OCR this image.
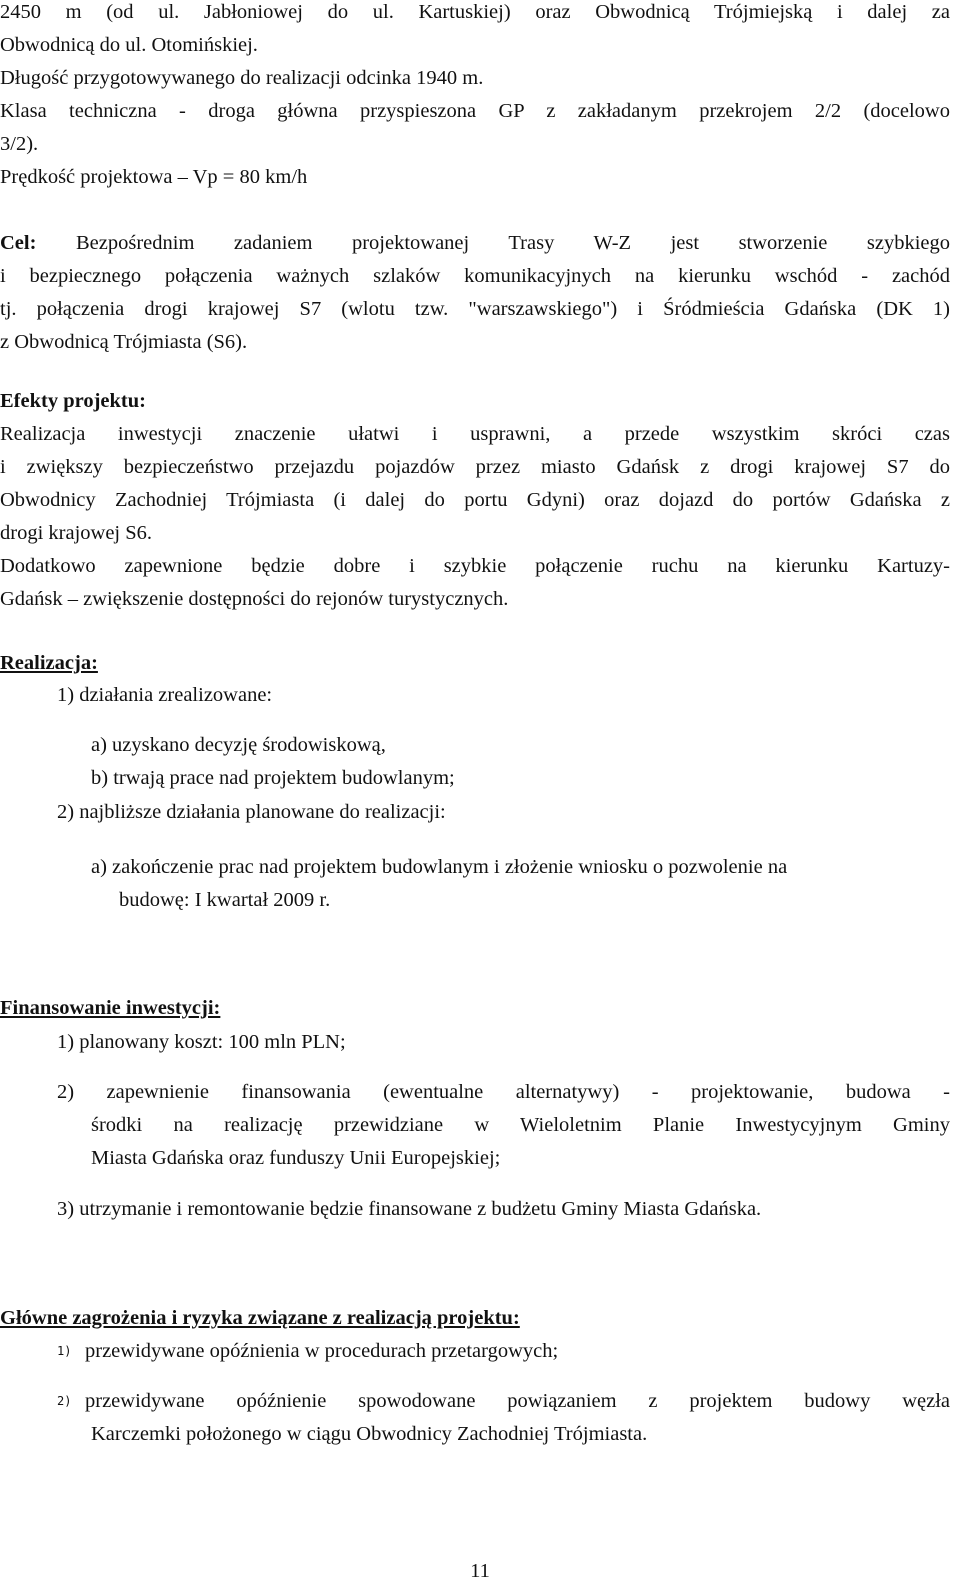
2450 m (od ul. Jabłoniowej do ul. Kartuskiej) oraz Obwodnicą Trójmiejską i dalej za

Obwodnicą do ul. Otomińskiej.

Długość przygotowywanego do realizacji odcinka 1940 m.

Klasa techniczna - droga główna przyspieszona GP z zakładanym przekrojem 2/2 (docelowo

3/2).

Prędkość projektowa – Vp = 80 km/h

Cel: Bezpośrednim zadaniem projektowanej Trasy W-Z jest stworzenie szybkiego

i bezpiecznego połączenia ważnych szlaków komunikacyjnych na kierunku wschód - zachód

tj. połączenia drogi krajowej S7 (wlotu tzw. "warszawskiego") i Śródmieścia Gdańska (DK 1)

z Obwodnicą Trójmiasta (S6).

Efekty projektu:

Realizacja inwestycji znaczenie ułatwi i usprawni, a przede wszystkim skróci czas

i zwiększy bezpieczeństwo przejazdu pojazdów przez miasto Gdańsk z drogi krajowej S7 do

Obwodnicy Zachodniej Trójmiasta (i dalej do portu Gdyni) oraz dojazd do portów Gdańska z

drogi krajowej S6.

Dodatkowo zapewnione będzie dobre i szybkie połączenie ruchu na kierunku Kartuzy-

Gdańsk – zwiększenie dostępności do rejonów turystycznych.

Realizacja:

1) działania zrealizowane:

a) uzyskano decyzję środowiskową,

b) trwają prace nad projektem budowlanym;

2) najbliższe działania planowane do realizacji:

a) zakończenie prac nad projektem budowlanym i złożenie wniosku o pozwolenie na

budowę: I kwartał 2009 r.

Finansowanie inwestycji:

1) planowany koszt: 100 mln PLN;

2) zapewnienie finansowania (ewentualne alternatywy) - projektowanie, budowa -

środki na realizację przewidziane w Wieloletnim Planie Inwestycyjnym Gminy

Miasta Gdańska oraz funduszy Unii Europejskiej;

3) utrzymanie i remontowanie będzie finansowane z budżetu Gminy Miasta Gdańska.

Główne zagrożenia i ryzyka związane z realizacją projektu:

1) przewidywane opóźnienia w procedurach przetargowych;

2) przewidywane opóźnienie spowodowane powiązaniem z projektem budowy węzła

Karczemki położonego w ciągu Obwodnicy Zachodniej Trójmiasta.

11
